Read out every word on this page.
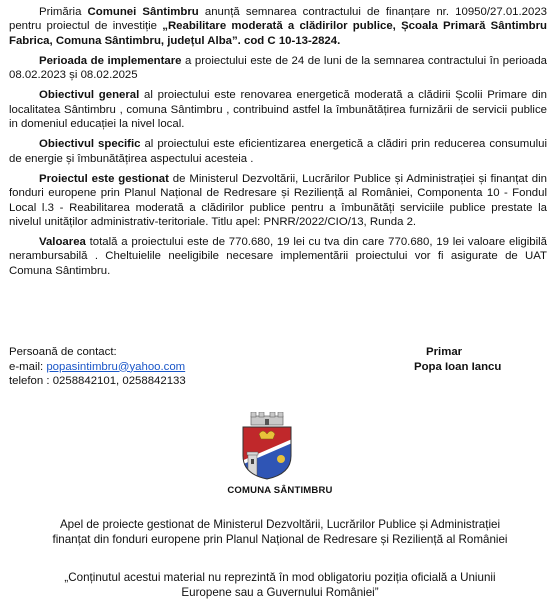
Primăria Comunei Sântimbru anunță semnarea contractului de finanțare nr. 10950/27.01.2023 pentru proiectul de investiție „Reabilitare moderată a clădirilor publice, Școala Primară Sântimbru Fabrica, Comuna Sântimbru, județul Alba”. cod C 10-13-2824.

Perioada de implementare a proiectului este de 24 de luni de la semnarea contractului în perioada 08.02.2023 și 08.02.2025

Obiectivul general al proiectului este renovarea energetică moderată a clădirii Școlii Primare din localitatea Sântimbru , comuna Sântimbru , contribuind astfel la îmbunătățirea furnizării de servicii publice in domeniul educației la nivel local.

Obiectivul specific al proiectului este eficientizarea energetică a clădiri prin reducerea consumului de energie și îmbunătățirea aspectului acesteia .

Proiectul este gestionat de Ministerul Dezvoltării, Lucrărilor Publice și Administrației și finanțat din fonduri europene prin Planul Național de Redresare și Reziliență al României, Componenta 10 - Fondul Local l.3 - Reabilitarea moderată a clădirilor publice pentru a îmbunătăți serviciile publice prestate la nivelul unităților administrativ-teritoriale. Titlu apel: PNRR/2022/CIO/13, Runda 2.

Valoarea totală a proiectului este de 770.680, 19 lei cu tva din care 770.680, 19 lei valoare eligibilă nerambursabilă . Cheltuielile neeligibile necesare implementării proiectului vor fi asigurate de UAT Comuna Sântimbru.

Persoană de contact:
e-mail: popasintimbru@yahoo.com
telefon : 0258842101, 0258842133
Primar
Popa Ioan Iancu
COMUNA SÂNTIMBRU
Apel de proiecte gestionat de Ministerul Dezvoltării, Lucrărilor Publice și Administrației
finanțat din fonduri europene prin Planul Național de Redresare și Reziliență al României
„Conținutul acestui material nu reprezintă în mod obligatoriu poziția oficială a Uniunii
Europene sau a Guvernului României”
